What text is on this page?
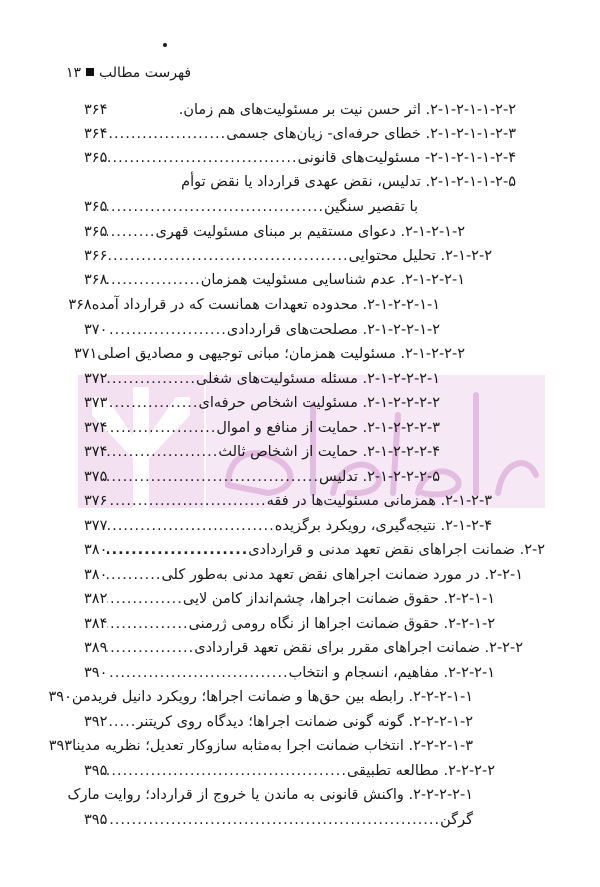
فهرست مطالب۱۳
۲-۱-۲-۱-۱-۲-۲. اثر حسن نیت بر مسئولیت‌های هم زمان.
۳۶۴
۲-۱-۲-۱-۱-۲-۳. خطای حرفه‌ای- زیان‌های جسمی
.....
۳۶۴
۲-۱-۲-۱-۱-۲-۴- مسئولیت‌های قانونی
.....
۳۶۵
۲-۱-۲-۱-۱-۲-۵. تدلیس، نقض عهدی قرارداد یا نقض توأم
با تقصیر سنگین
.....
۳۶۵
۲-۱-۲-۱-۲. دعوای مستقیم بر مبنای مسئولیت قهری
.....
۳۶۵
۲-۱-۲-۲. تحلیل محتوایی
.....
۳۶۶
۲-۱-۲-۲-۱. عدم شناسایی مسئولیت همزمان
.....
۳۶۸
۲-۱-۲-۲-۱-۱. محدوده تعهدات همانست که در قرارداد آمده
۳۶۸
۲-۱-۲-۲-۱-۲. مصلحت‌های قراردادی
.....
۳۷۰
۲-۱-۲-۲-۲. مسئولیت همزمان؛ مبانی توجیهی و مصادیق اصلی
۳۷۱
۲-۱-۲-۲-۲-۱. مسئله مسئولیت‌های شغلی
.....
۳۷۲
۲-۱-۲-۲-۲-۲. مسئولیت اشخاص حرفه‌ای
.....
۳۷۳
۲-۱-۲-۲-۲-۳. حمایت از منافع و اموال
.....
۳۷۴
۲-۱-۲-۲-۲-۴. حمایت از اشخاص ثالث
.....
۳۷۴
۲-۱-۲-۲-۲-۵. تدلیس
.....
۳۷۵
۲-۱-۲-۳. همزمانی مسئولیت‌ها در فقه
.....
۳۷۶
۲-۱-۲-۴. نتیجه‌گیری، رویکرد برگزیده
.....
۳۷۷
۲-۲. ضمانت اجراهای نقض تعهد مدنی و قراردادی
.....
۳۸۰
۲-۲-۱. در مورد ضمانت اجراهای نقض تعهد مدنی به‌طور کلی
.....
۳۸۰
۲-۲-۱-۱. حقوق ضمانت اجراها، چشم‌انداز کامن لایی
.....
۳۸۲
۲-۲-۱-۲. حقوق ضمانت اجراها از نگاه رومی ژرمنی
.....
۳۸۴
۲-۲-۲. ضمانت اجراهای مقرر برای نقض تعهد قراردادی
.....
۳۸۹
۲-۲-۲-۱. مفاهیم، انسجام و انتخاب
.....
۳۹۰
۲-۲-۲-۱-۱. رابطه بین حق‌ها و ضمانت اجراها؛ رویکرد دانیل فریدمن
۳۹۰
۲-۲-۲-۱-۲. گونه گونی ضمانت اجراها؛ دیدگاه روی کریتنر
.....
۳۹۲
۲-۲-۲-۱-۳. انتخاب ضمانت اجرا به‌مثابه سازوکار تعدیل؛ نظریه مدینا
۳۹۳
۲-۲-۲-۲. مطالعه تطبیقی
.....
۳۹۵
۲-۲-۲-۲-۱. واکنش قانونی به ماندن یا خروج از قرارداد؛ روایت مارک
گرگن
.....
۳۹۵
